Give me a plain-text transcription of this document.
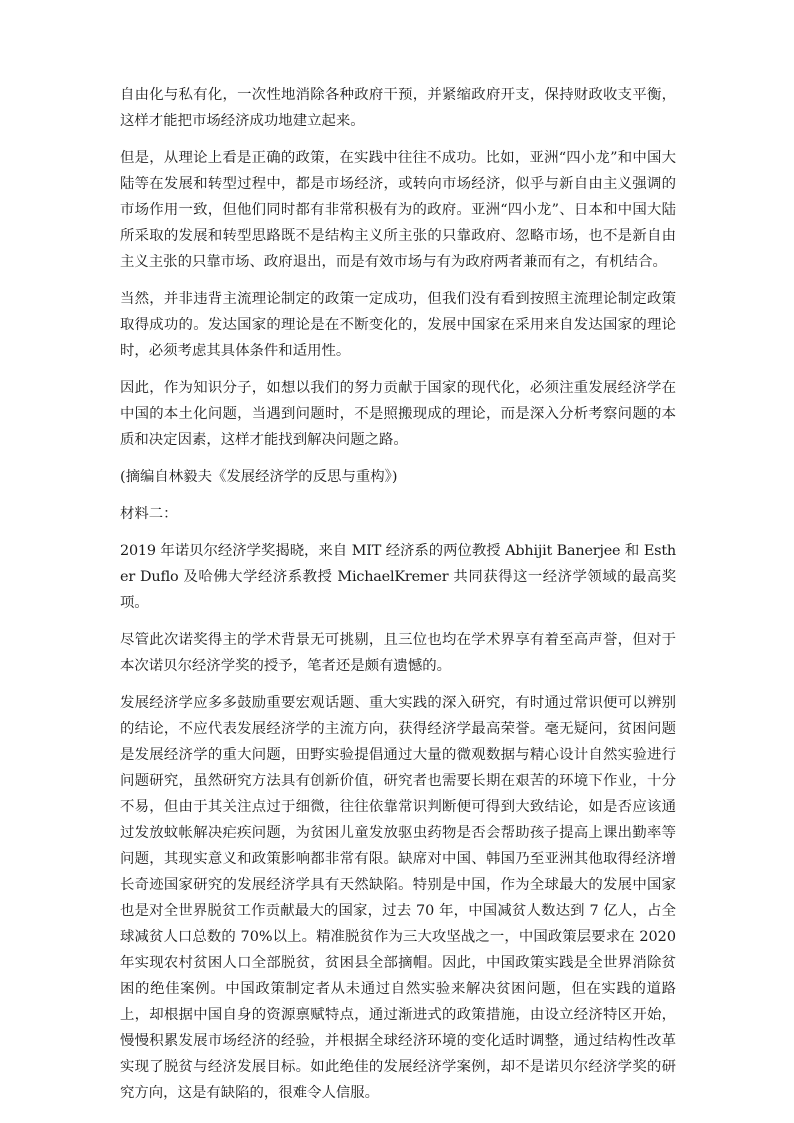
自由化与私有化，一次性地消除各种政府干预，并紧缩政府开支，保持财政收支平衡，这样才能把市场经济成功地建立起来。

但是，从理论上看是正确的政策，在实践中往往不成功。比如，亚洲“四小龙”和中国大陆等在发展和转型过程中，都是市场经济，或转向市场经济，似乎与新自由主义强调的市场作用一致，但他们同时都有非常积极有为的政府。亚洲“四小龙”、日本和中国大陆所采取的发展和转型思路既不是结构主义所主张的只靠政府、忽略市场，也不是新自由主义主张的只靠市场、政府退出，而是有效市场与有为政府两者兼而有之，有机结合。

当然，并非违背主流理论制定的政策一定成功，但我们没有看到按照主流理论制定政策取得成功的。发达国家的理论是在不断变化的，发展中国家在采用来自发达国家的理论时，必须考虑其具体条件和适用性。

因此，作为知识分子，如想以我们的努力贡献于国家的现代化，必须注重发展经济学在中国的本土化问题，当遇到问题时，不是照搬现成的理论，而是深入分析考察问题的本质和决定因素，这样才能找到解决问题之路。

(摘编自林毅夫《发展经济学的反思与重构》)

材料二：

2019 年诺贝尔经济学奖揭晓，来自 MIT 经济系的两位教授 Abhijit Banerjee 和 Esther Duflo 及哈佛大学经济系教授 MichaelKremer 共同获得这一经济学领域的最高奖项。

尽管此次诺奖得主的学术背景无可挑剔，且三位也均在学术界享有着至高声誉，但对于本次诺贝尔经济学奖的授予，笔者还是颇有遗憾的。

发展经济学应多多鼓励重要宏观话题、重大实践的深入研究，有时通过常识便可以辨别的结论，不应代表发展经济学的主流方向，获得经济学最高荣誉。毫无疑问，贫困问题是发展经济学的重大问题，田野实验提倡通过大量的微观数据与精心设计自然实验进行问题研究，虽然研究方法具有创新价值，研究者也需要长期在艰苦的环境下作业，十分不易，但由于其关注点过于细微，往往依靠常识判断便可得到大致结论，如是否应该通过发放蚊帐解决疟疾问题，为贫困儿童发放驱虫药物是否会帮助孩子提高上课出勤率等问题，其现实意义和政策影响都非常有限。缺席对中国、韩国乃至亚洲其他取得经济增长奇迹国家研究的发展经济学具有天然缺陷。特别是中国，作为全球最大的发展中国家也是对全世界脱贫工作贡献最大的国家，过去 70 年，中国减贫人数达到 7 亿人，占全球减贫人口总数的 70%以上。精准脱贫作为三大攻坚战之一，中国政策层要求在 2020 年实现农村贫困人口全部脱贫，贫困县全部摘帽。因此，中国政策实践是全世界消除贫困的绝佳案例。中国政策制定者从未通过自然实验来解决贫困问题，但在实践的道路上，却根据中国自身的资源禀赋特点，通过渐进式的政策措施，由设立经济特区开始，慢慢积累发展市场经济的经验，并根据全球经济环境的变化适时调整，通过结构性改革实现了脱贫与经济发展目标。如此绝佳的发展经济学案例，却不是诺贝尔经济学奖的研究方向，这是有缺陷的，很难令人信服。
